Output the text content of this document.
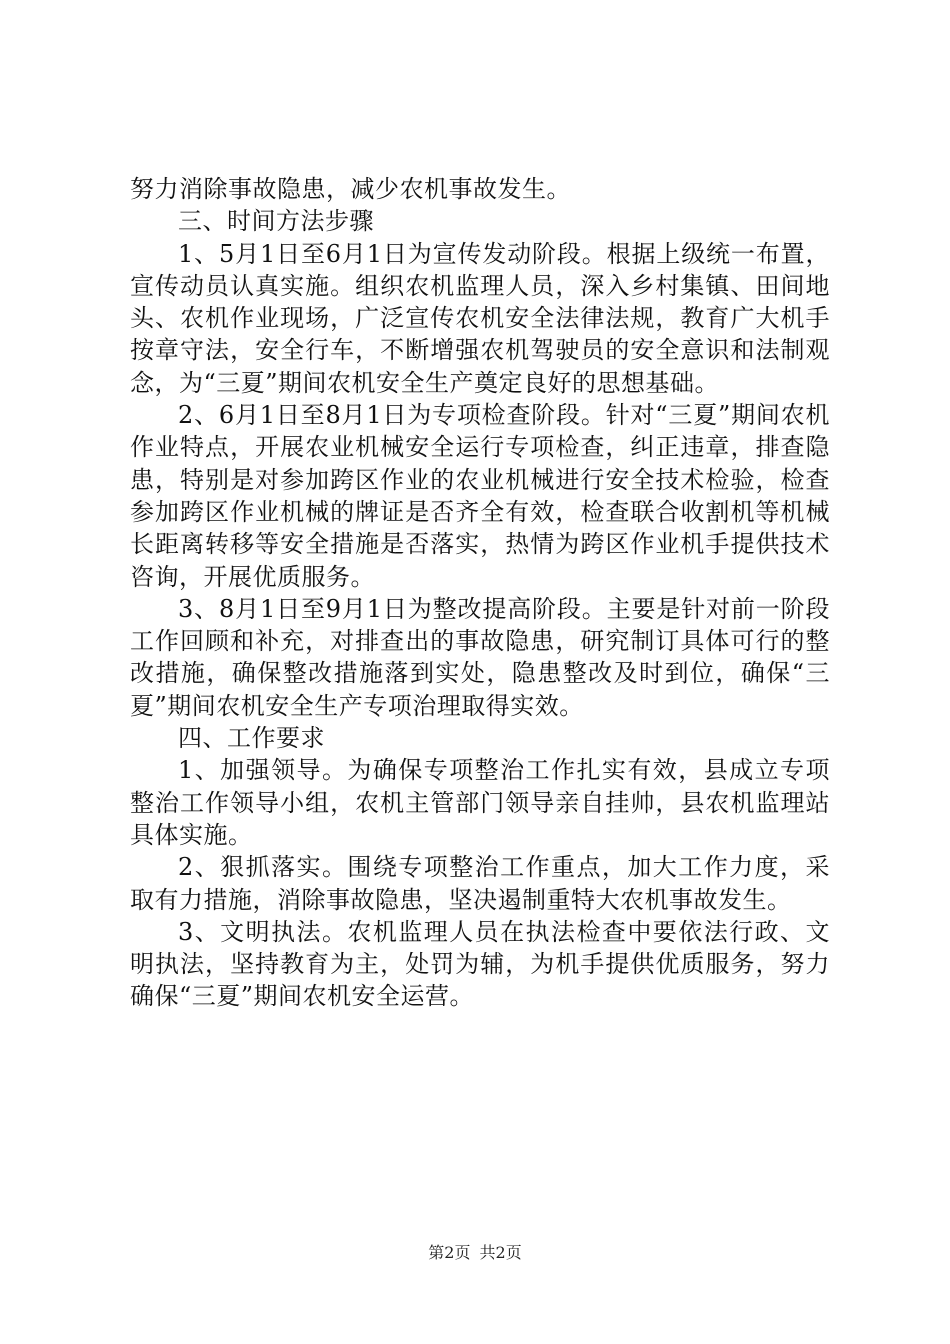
努力消除事故隐患，减少农机事故发生。

三、时间方法步骤

1、5月1日至6月1日为宣传发动阶段。根据上级统一布置，宣传动员认真实施。组织农机监理人员，深入乡村集镇、田间地头、农机作业现场，广泛宣传农机安全法律法规，教育广大机手按章守法，安全行车，不断增强农机驾驶员的安全意识和法制观念，为“三夏”期间农机安全生产奠定良好的思想基础。

2、6月1日至8月1日为专项检查阶段。针对“三夏”期间农机作业特点，开展农业机械安全运行专项检查，纠正违章，排查隐患，特别是对参加跨区作业的农业机械进行安全技术检验，检查参加跨区作业机械的牌证是否齐全有效，检查联合收割机等机械长距离转移等安全措施是否落实，热情为跨区作业机手提供技术咨询，开展优质服务。

3、8月1日至9月1日为整改提高阶段。主要是针对前一阶段工作回顾和补充，对排查出的事故隐患，研究制订具体可行的整改措施，确保整改措施落到实处，隐患整改及时到位，确保“三夏”期间农机安全生产专项治理取得实效。

四、工作要求

1、加强领导。为确保专项整治工作扎实有效，县成立专项整治工作领导小组，农机主管部门领导亲自挂帅，县农机监理站具体实施。

2、狠抓落实。围绕专项整治工作重点，加大工作力度，采取有力措施，消除事故隐患，坚决遏制重特大农机事故发生。

3、文明执法。农机监理人员在执法检查中要依法行政、文明执法，坚持教育为主，处罚为辅，为机手提供优质服务，努力确保“三夏”期间农机安全运营。

第2页 共2页
